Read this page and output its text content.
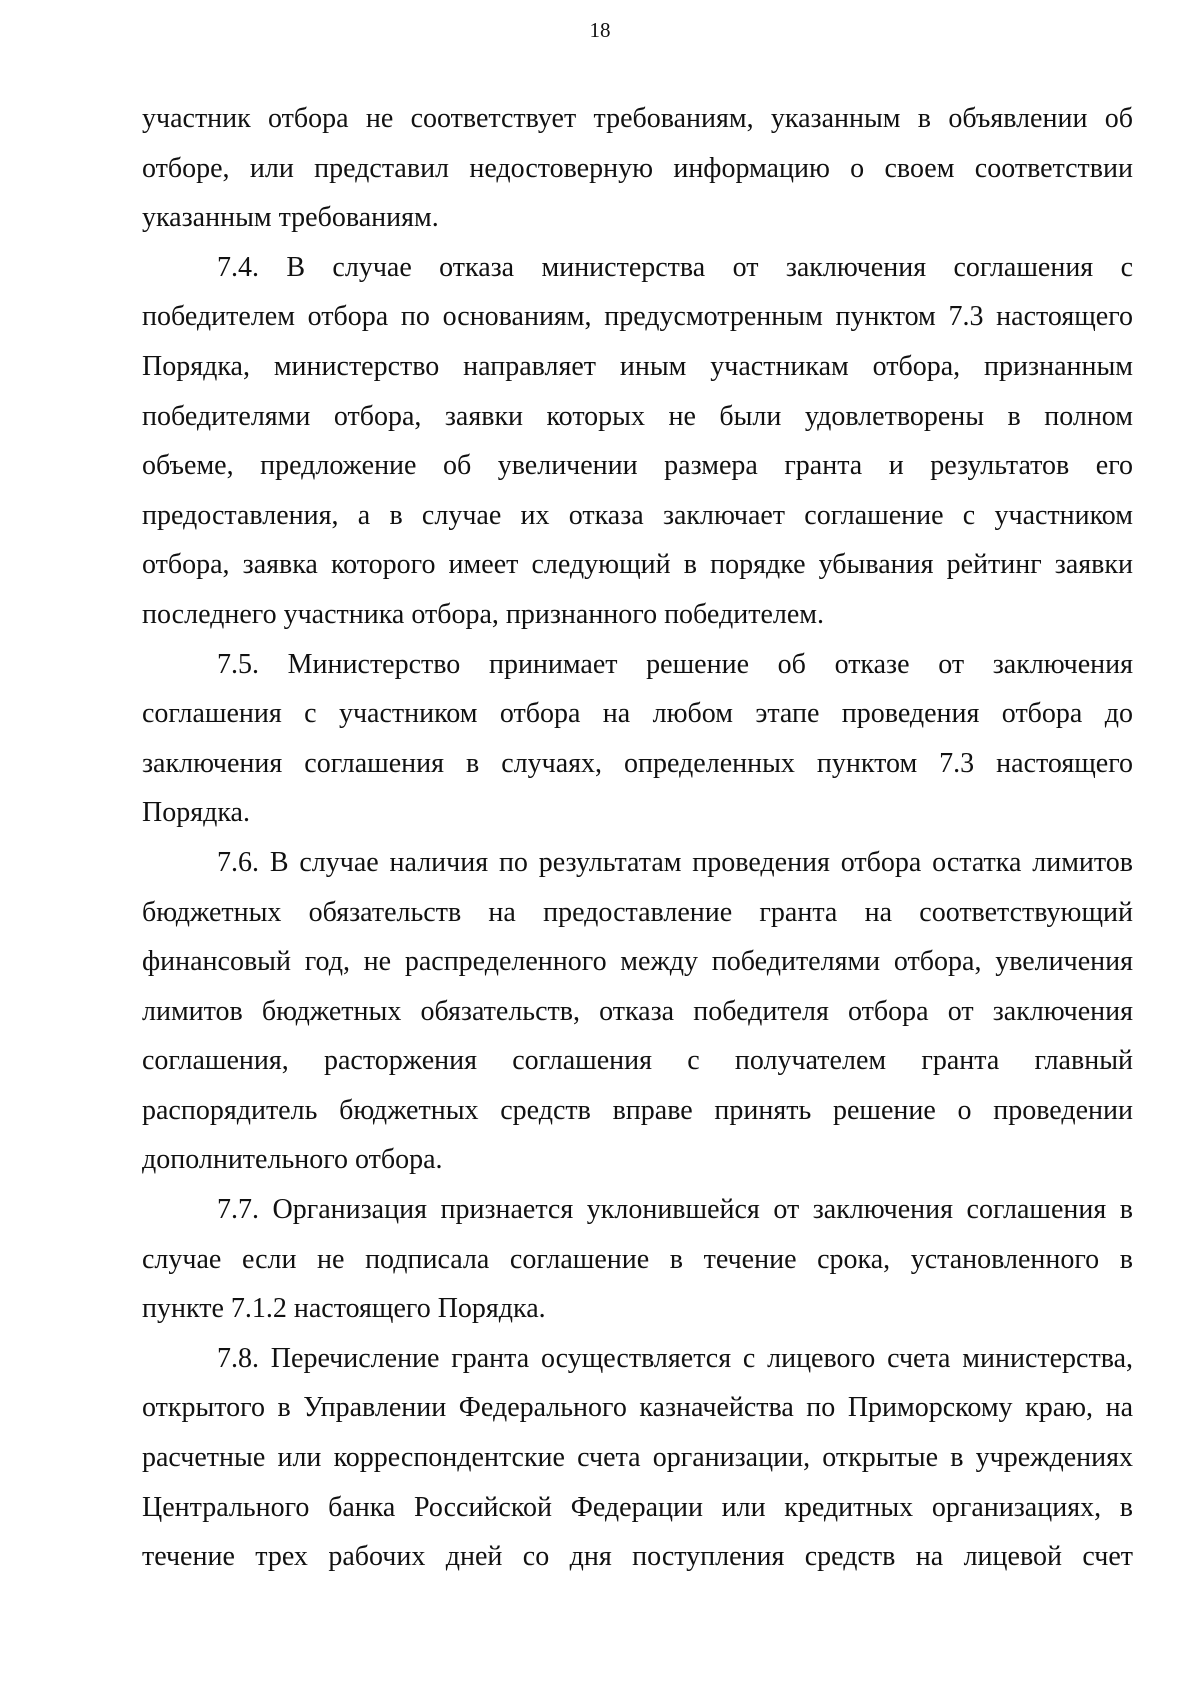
18
участник отбора не соответствует требованиям, указанным в объявлении об
отборе, или представил недостоверную информацию о своем соответствии
указанным требованиям.
7.4. В случае отказа министерства от заключения соглашения с
победителем отбора по основаниям, предусмотренным пунктом 7.3 настоящего
Порядка, министерство направляет иным участникам отбора, признанным
победителями отбора, заявки которых не были удовлетворены в полном
объеме, предложение об увеличении размера гранта и результатов его
предоставления, а в случае их отказа заключает соглашение с участником
отбора, заявка которого имеет следующий в порядке убывания рейтинг заявки
последнего участника отбора, признанного победителем.
7.5. Министерство принимает решение об отказе от заключения
соглашения с участником отбора на любом этапе проведения отбора до
заключения соглашения в случаях, определенных пунктом 7.3 настоящего
Порядка.
7.6. В случае наличия по результатам проведения отбора остатка лимитов
бюджетных обязательств на предоставление гранта на соответствующий
финансовый год, не распределенного между победителями отбора, увеличения
лимитов бюджетных обязательств, отказа победителя отбора от заключения
соглашения, расторжения соглашения с получателем гранта главный
распорядитель бюджетных средств вправе принять решение о проведении
дополнительного отбора.
7.7. Организация признается уклонившейся от заключения соглашения в
случае если не подписала соглашение в течение срока, установленного в
пункте 7.1.2 настоящего Порядка.
7.8. Перечисление гранта осуществляется с лицевого счета министерства,
открытого в Управлении Федерального казначейства по Приморскому краю, на
расчетные или корреспондентские счета организации, открытые в учреждениях
Центрального банка Российской Федерации или кредитных организациях, в
течение трех рабочих дней со дня поступления средств на лицевой счет
